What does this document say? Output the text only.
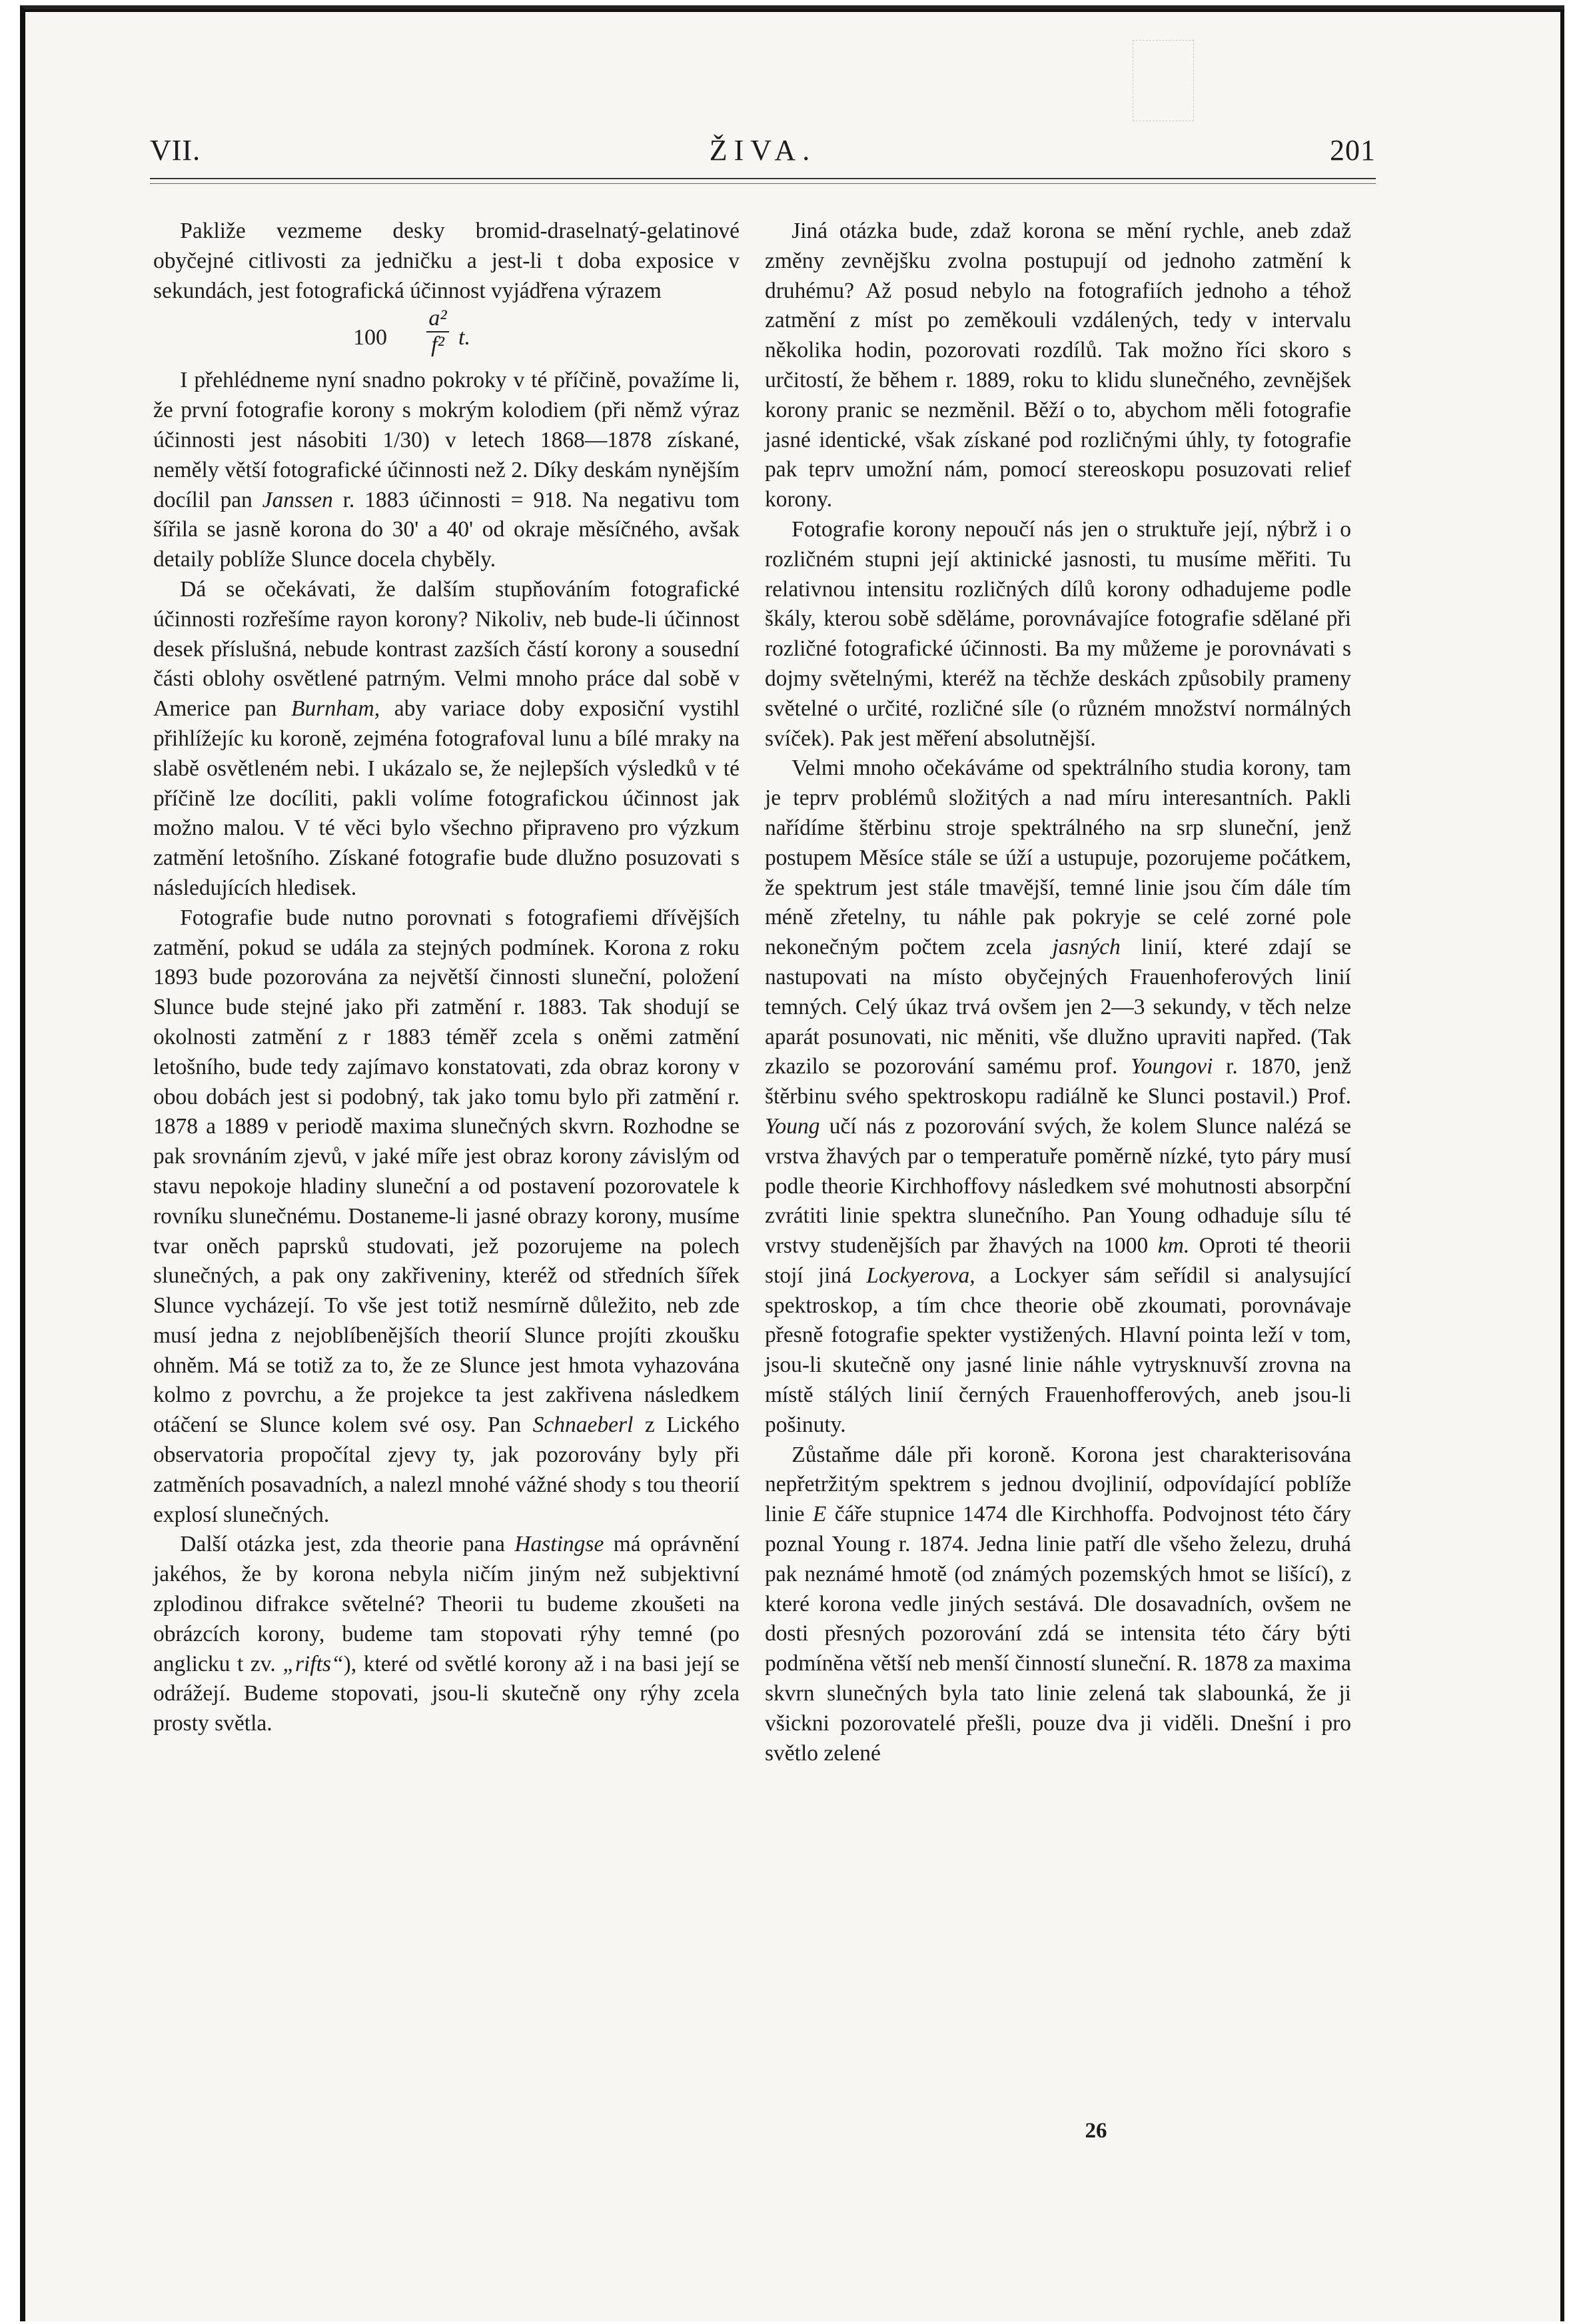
VII.	ŽIVA.	201

Pakliže vezmeme desky bromid-draselnatý-gelatinové obyčejné citlivosti za jedničku a jest-li t doba exposice v sekundách, jest fotografická účinnost vyjádřena výrazem

100
a²
f² t.

I přehlédneme nyní snadno pokroky v té příčině, považíme li, že první fotografie korony s mokrým kolodiem (při němž výraz účinnosti jest násobiti 1/30) v letech 1868—1878 získané, neměly větší fotografické účinnosti než 2. Díky deskám nynějším docílil pan Janssen r. 1883 účinnosti = 918. Na negativu tom šířila se jasně korona do 30' a 40' od okraje měsíčného, avšak detaily poblíže Slunce docela chyběly.

Dá se očekávati, že dalším stupňováním fotografické účinnosti rozřešíme rayon korony? Nikoliv, neb bude-li účinnost desek příslušná, nebude kontrast zazších částí korony a sousední části oblohy osvětlené patrným. Velmi mnoho práce dal sobě v Americe pan Burnham, aby variace doby exposiční vystihl přihlížejíc ku koroně, zejména fotografoval lunu a bílé mraky na slabě osvětleném nebi. I ukázalo se, že nejlepších výsledků v té příčině lze docíliti, pakli volíme fotografickou účinnost jak možno malou. V té věci bylo všechno připraveno pro výzkum zatmění letošního. Získané fotografie bude dlužno posuzovati s následujících hledisek.

Fotografie bude nutno porovnati s fotografiemi dřívějších zatmění, pokud se udála za stejných podmínek. Korona z roku 1893 bude pozorována za největší činnosti sluneční, položení Slunce bude stejné jako při zatmění r. 1883. Tak shodují se okolnosti zatmění z r 1883 téměř zcela s oněmi zatmění letošního, bude tedy zajímavo konstatovati, zda obraz korony v obou dobách jest si podobný, tak jako tomu bylo při zatmění r. 1878 a 1889 v periodě maxima slunečných skvrn. Rozhodne se pak srovnáním zjevů, v jaké míře jest obraz korony závislým od stavu nepokoje hladiny sluneční a od postavení pozorovatele k rovníku slunečnému. Dostaneme-li jasné obrazy korony, musíme tvar oněch paprsků studovati, jež pozorujeme na polech slunečných, a pak ony zakřiveniny, kteréž od středních šířek Slunce vycházejí. To vše jest totiž nesmírně důležito, neb zde musí jedna z nejoblíbenějších theorií Slunce projíti zkoušku ohněm. Má se totiž za to, že ze Slunce jest hmota vyhazována kolmo z povrchu, a že projekce ta jest zakřivena následkem otáčení se Slunce kolem své osy. Pan Schnaeberl z Lického observatoria propočítal zjevy ty, jak pozorovány byly při zatměních posavadních, a nalezl mnohé vážné shody s tou theorií explosí slunečných.

Další otázka jest, zda theorie pana Hastingse má oprávnění jakéhos, že by korona nebyla ničím jiným než subjektivní zplodinou difrakce světelné? Theorii tu budeme zkoušeti na obrázcích korony, budeme tam stopovati rýhy temné (po anglicku t zv. „rifts“), které od světlé korony až i na basi její se odrážejí. Budeme stopovati, jsou-li skutečně ony rýhy zcela prosty světla.

Jiná otázka bude, zdaž korona se mění rychle, aneb zdaž změny zevnějšku zvolna postupují od jednoho zatmění k druhému? Až posud nebylo na fotografiích jednoho a téhož zatmění z míst po zeměkouli vzdálených, tedy v intervalu několika hodin, pozorovati rozdílů. Tak možno říci skoro s určitostí, že během r. 1889, roku to klidu slunečného, zevnějšek korony pranic se nezměnil. Běží o to, abychom měli fotografie jasné identické, však získané pod rozličnými úhly, ty fotografie pak teprv umožní nám, pomocí stereoskopu posuzovati relief korony.

Fotografie korony nepoučí nás jen o struktuře její, nýbrž i o rozličném stupni její aktinické jasnosti, tu musíme měřiti. Tu relativnou intensitu rozličných dílů korony odhadujeme podle škály, kterou sobě sděláme, porovnávajíce fotografie sdělané při rozličné fotografické účinnosti. Ba my můžeme je porovnávati s dojmy světelnými, kteréž na těchže deskách způsobily prameny světelné o určité, rozličné síle (o různém množství normálných svíček). Pak jest měření absolutnější.

Velmi mnoho očekáváme od spektrálního studia korony, tam je teprv problémů složitých a nad míru interesantních. Pakli nařídíme štěrbinu stroje spektrálného na srp sluneční, jenž postupem Měsíce stále se úží a ustupuje, pozorujeme počátkem, že spektrum jest stále tmavější, temné linie jsou čím dále tím méně zřetelny, tu náhle pak pokryje se celé zorné pole nekonečným počtem zcela jasných linií, které zdají se nastupovati na místo obyčejných Frauenhoferových linií temných. Celý úkaz trvá ovšem jen 2—3 sekundy, v těch nelze aparát posunovati, nic měniti, vše dlužno upraviti napřed. (Tak zkazilo se pozorování samému prof. Youngovi r. 1870, jenž štěrbinu svého spektroskopu radiálně ke Slunci postavil.) Prof. Young učí nás z pozorování svých, že kolem Slunce nalézá se vrstva žhavých par o temperatuře poměrně nízké, tyto páry musí podle theorie Kirchhoffovy následkem své mohutnosti absorpční zvrátiti linie spektra slunečního. Pan Young odhaduje sílu té vrstvy studenějších par žhavých na 1000 km. Oproti té theorii stojí jiná Lockyerova, a Lockyer sám seřídil si analysující spektroskop, a tím chce theorie obě zkoumati, porovnávaje přesně fotografie spekter vystižených. Hlavní pointa leží v tom, jsou-li skutečně ony jasné linie náhle vytrysknuvší zrovna na místě stálých linií černých Frauenhofferových, aneb jsou-li pošinuty.

Zůstaňme dále při koroně. Korona jest charakterisována nepřetržitým spektrem s jednou dvojlinií, odpovídající poblíže linie E čáře stupnice 1474 dle Kirchhoffa. Podvojnost této čáry poznal Young r. 1874. Jedna linie patří dle všeho železu, druhá pak neznámé hmotě (od známých pozemských hmot se lišící), z které korona vedle jiných sestává. Dle dosavadních, ovšem ne dosti přesných pozorování zdá se intensita této čáry býti podmíněna větší neb menší činností sluneční. R. 1878 za maxima skvrn slunečných byla tato linie zelená tak slabounká, že ji všickni pozorovatelé přešli, pouze dva ji viděli. Dnešní i pro světlo zelené

26
